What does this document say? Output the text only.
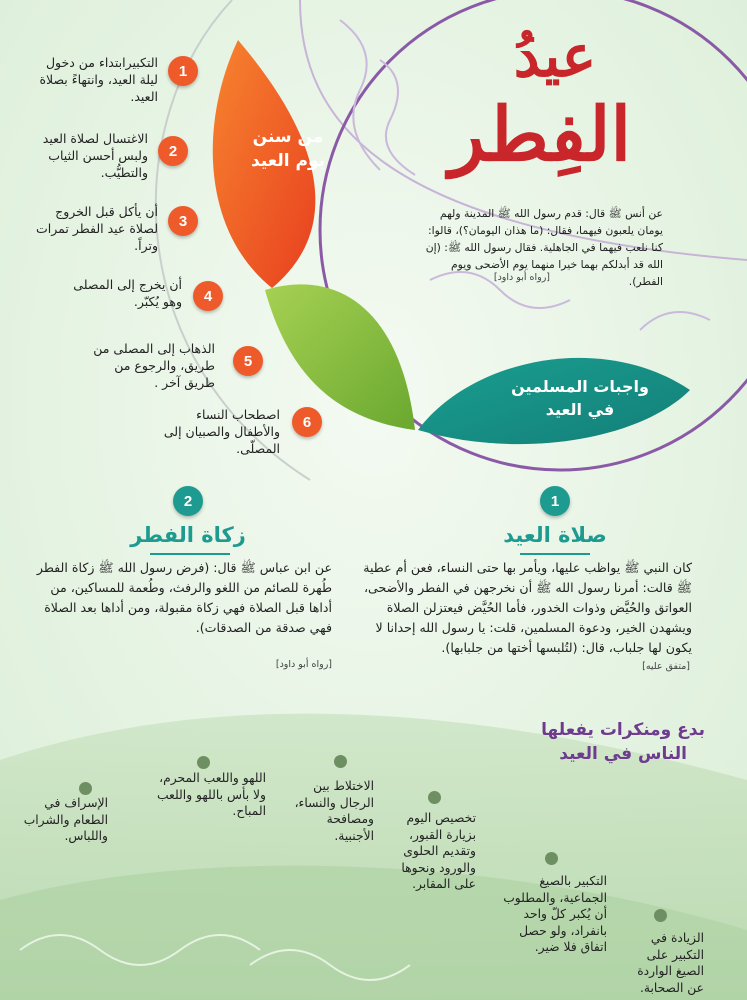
عيدُ
الفِطر
عن أنس ﷺ قال: قدم رسول الله ﷺ المدينة ولهم يومان يلعبون فيهما، فقال: (ما هذان اليومان؟)، قالوا: كنا نلعب فيهما في الجاهلية. فقال رسول الله ﷺ: (إن الله قد أبدلكم بهما خيرا منهما يوم الأضحى ويوم الفطر).
[رواه أبو داود]
من سنن
يوم العيد
واجبات المسلمين
في العيد
1
التكبيرابتداء من دخول ليلة العيد، وانتهاءً بصلاة العيد.
2
الاغتسال لصلاة العيد ولبس أحسن الثياب والتطيُّب.
3
أن يأكل قبل الخروج لصلاة عيد الفطر تمرات وتراً.
4
أن يخرج إلى المصلى وهو يُكبّر.
5
الذهاب إلى المصلى من طريق، والرجوع من طريق آخر .
6
اصطحاب النساء والأطفال والصبيان إلى المصلّى.
1
صلاة العيد
كان النبي ﷺ يواظب عليها، ويأمر بها حتى النساء، فعن أم عطية ﷺ قالت: أمرنا رسول الله ﷺ أن نخرجهن في الفطر والأضحى، العواتق والحُيَّض وذوات الخدور، فأما الحُيَّض فيعتزلن الصلاة ويشهدن الخير، ودعوة المسلمين، قلت: يا رسول الله إحدانا لا يكون لها جلباب، قال: (لتُلبسها أختها من جلبابها).
[متفق عليه]
2
زكاة الفطر
عن ابن عباس ﷺ قال: (فرض رسول الله ﷺ زكاة الفطر طُهرة للصائم من اللغو والرفث، وطُعمة للمساكين، من أداها قبل الصلاة فهي زكاة مقبولة، ومن أداها بعد الصلاة فهي صدقة من الصدقات).
[رواه أبو داود]
بدع ومنكرات يفعلها
الناس في العيد
الإسراف في الطعام والشراب واللباس.
اللهو واللعب المحرم، ولا بأس باللهو واللعب المباح.
الاختلاط بين الرجال والنساء، ومصافحة الأجنبية.
تخصيص اليوم بزيارة القبور، وتقديم الحلوى والورود ونحوها على المقابر.	التكبير بالصيغ الجماعية، والمطلوب أن يُكبر كلّ واحد بانفراد، ولو حصل اتفاق فلا ضير.
الزيادة في التكبير على الصيغ الواردة عن الصحابة.
